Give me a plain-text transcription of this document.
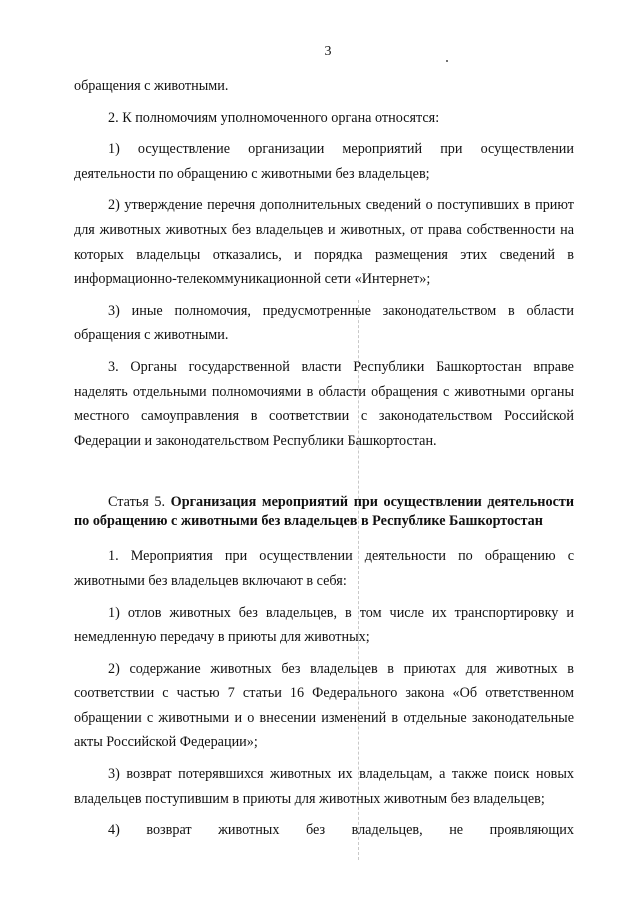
3

обращения с животными.

2. К полномочиям уполномоченного органа относятся:

1) осуществление организации мероприятий при осуществлении деятельности по обращению с животными без владельцев;

2) утверждение перечня дополнительных сведений о поступивших в приют для животных животных без владельцев и животных, от права собственности на которых владельцы отказались, и порядка размещения этих сведений в информационно-телекоммуникационной сети «Интернет»;

3) иные полномочия, предусмотренные законодательством в области обращения с животными.

3. Органы государственной власти Республики Башкортостан вправе наделять отдельными полномочиями в области обращения с животными органы местного самоуправления в соответствии с законодательством Российской Федерации и законодательством Республики Башкортостан.

Статья 5. Организация мероприятий при осуществлении деятельности по обращению с животными без владельцев в Республике Башкортостан

1. Мероприятия при осуществлении деятельности по обращению с животными без владельцев включают в себя:

1) отлов животных без владельцев, в том числе их транспортировку и немедленную передачу в приюты для животных;

2) содержание животных без владельцев в приютах для животных в соответствии с частью 7 статьи 16 Федерального закона «Об ответственном обращении с животными и о внесении изменений в отдельные законодательные акты Российской Федерации»;

3) возврат потерявшихся животных их владельцам, а также поиск новых владельцев поступившим в приюты для животных животным без владельцев;

4) возврат животных без владельцев, не проявляющих
